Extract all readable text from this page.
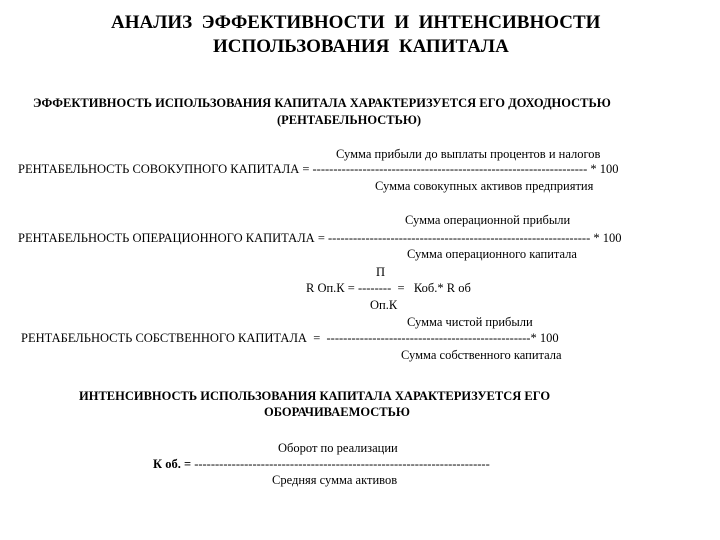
АНАЛИЗ  ЭФФЕКТИВНОСТИ  И  ИНТЕНСИВНОСТИ
ИСПОЛЬЗОВАНИЯ  КАПИТАЛА
ЭФФЕКТИВНОСТЬ ИСПОЛЬЗОВАНИЯ КАПИТАЛА ХАРАКТЕРИЗУЕТСЯ ЕГО ДОХОДНОСТЬЮ
(РЕНТАБЕЛЬНОСТЬЮ)
Сумма прибыли до выплаты процентов и налогов
РЕНТАБЕЛЬНОСТЬ СОВОКУПНОГО КАПИТАЛА = ------------------------------------------------------------------ * 100
Сумма совокупных активов предприятия
Сумма операционной прибыли
РЕНТАБЕЛЬНОСТЬ ОПЕРАЦИОННОГО КАПИТАЛА = --------------------------------------------------------------- * 100
Сумма операционного капитала
П
R Оп.К = --------  =   Коб.* R об
Оп.К
Сумма чистой прибыли
РЕНТАБЕЛЬНОСТЬ СОБСТВЕННОГО КАПИТАЛА  =  -------------------------------------------------* 100
Сумма собственного капитала
ИНТЕНСИВНОСТЬ ИСПОЛЬЗОВАНИЯ КАПИТАЛА ХАРАКТЕРИЗУЕТСЯ ЕГО
ОБОРАЧИВАЕМОСТЬЮ
Оборот по реализации
К об. = -----------------------------------------------------------------------
Средняя сумма активов
